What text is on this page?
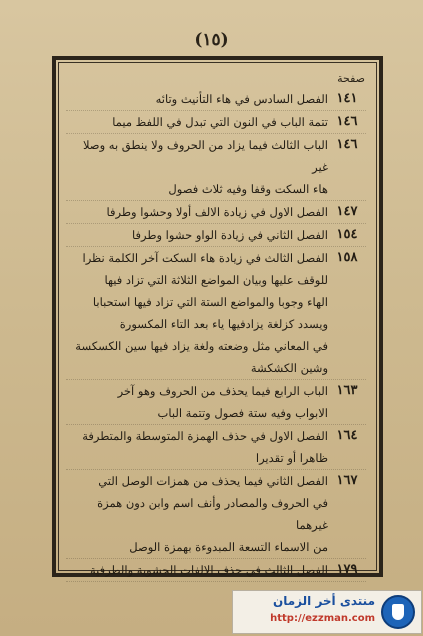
(١٥)
صفحة
١٤١
الفصل السادس في هاء التأنيث وتائه
١٤٦
تتمة الباب في النون التي تبدل في اللفظ ميما
١٤٦
الباب الثالث فيما يزاد من الحروف ولا ينطق به وصلا غير
هاء السكت وقفا وفيه ثلاث فصول
١٤٧
الفصل الاول في زيادة الالف أولا وحشوا وطرفا
١٥٤
الفصل الثاني في زيادة الواو حشوا وطرفا
١٥٨
الفصل الثالث في زيادة هاء السكت آخر الكلمة نظرا
للوقف عليها وبيان المواضع الثلاثة التي تزاد فيها
الهاء وجوبا والمواضع الستة التي تزاد فيها استحبابا
ويسدد كزلغة يزادفيها ياء بعد التاء المكسورة
في المعاني مثل وضعته ولغة يزاد فيها سين الكسكسة
وشين الكشكشة
١٦٣
الباب الرابع فيما يحذف من الحروف وهو آخر
الابواب وفيه ستة فصول وتتمة الباب
١٦٤
الفصل الاول في حذف الهمزة المتوسطة والمتطرفة
ظاهرا أو تقديرا
١٦٧
الفصل الثاني فيما يحذف من همزات الوصل التي
في الحروف والمصادر وأنف اسم وابن دون همزة غيرهما
من الاسماء التسعة المبدوءة بهمزة الوصل
١٧٩
الفصل الثالث في حذف الالفات الحشوية والطرفية
منتدى أخر الزمان
http://ezzman.com
